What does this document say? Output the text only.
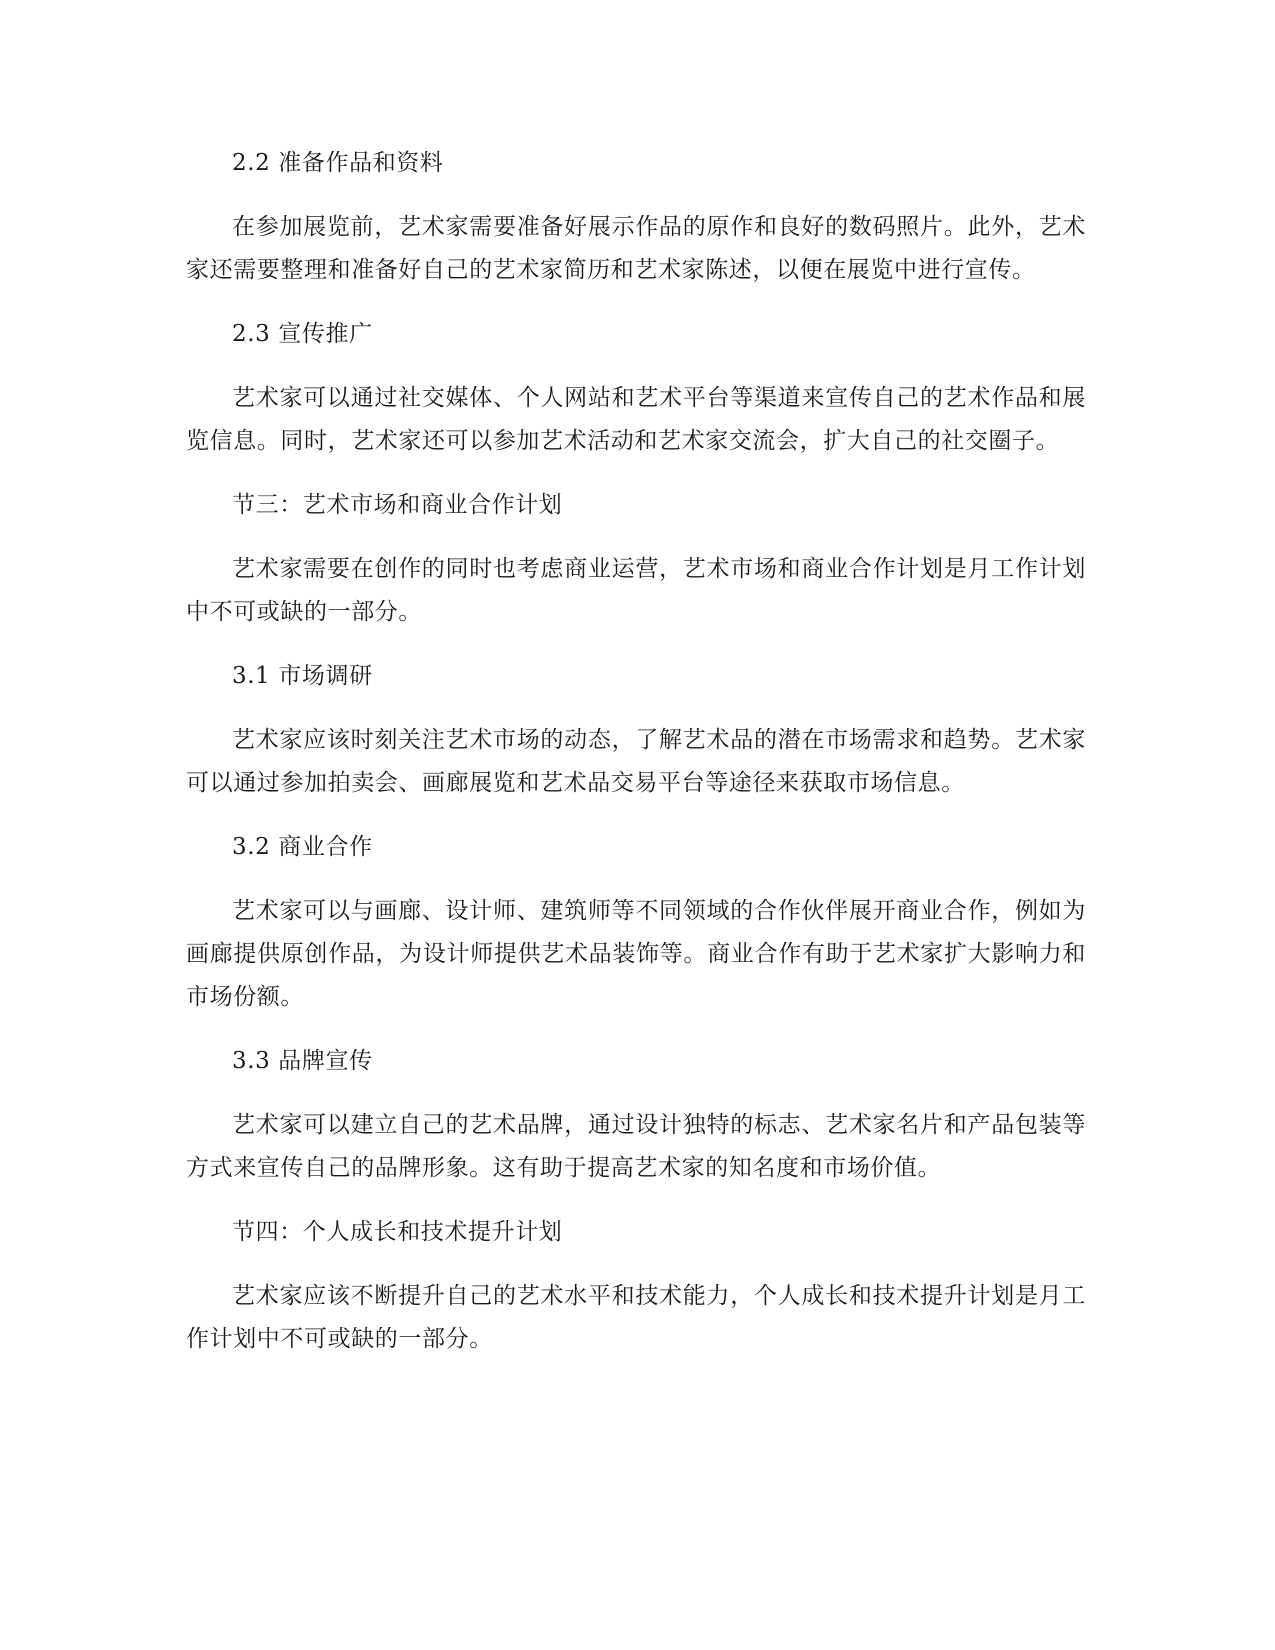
2.2 准备作品和资料

在参加展览前，艺术家需要准备好展示作品的原作和良好的数码照片。此外，艺术家还需要整理和准备好自己的艺术家简历和艺术家陈述，以便在展览中进行宣传。

2.3 宣传推广

艺术家可以通过社交媒体、个人网站和艺术平台等渠道来宣传自己的艺术作品和展览信息。同时，艺术家还可以参加艺术活动和艺术家交流会，扩大自己的社交圈子。

节三：艺术市场和商业合作计划

艺术家需要在创作的同时也考虑商业运营，艺术市场和商业合作计划是月工作计划中不可或缺的一部分。

3.1 市场调研

艺术家应该时刻关注艺术市场的动态，了解艺术品的潜在市场需求和趋势。艺术家可以通过参加拍卖会、画廊展览和艺术品交易平台等途径来获取市场信息。

3.2 商业合作

艺术家可以与画廊、设计师、建筑师等不同领域的合作伙伴展开商业合作，例如为画廊提供原创作品，为设计师提供艺术品装饰等。商业合作有助于艺术家扩大影响力和市场份额。

3.3 品牌宣传

艺术家可以建立自己的艺术品牌，通过设计独特的标志、艺术家名片和产品包装等方式来宣传自己的品牌形象。这有助于提高艺术家的知名度和市场价值。

节四：个人成长和技术提升计划

艺术家应该不断提升自己的艺术水平和技术能力，个人成长和技术提升计划是月工作计划中不可或缺的一部分。
